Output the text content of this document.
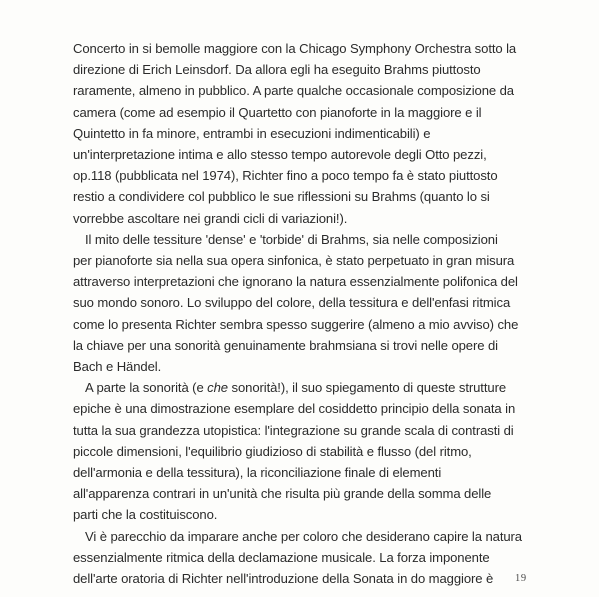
Concerto in si bemolle maggiore con la Chicago Symphony Orchestra sotto la

direzione di Erich Leinsdorf. Da allora egli ha eseguito Brahms piuttosto

raramente, almeno in pubblico. A parte qualche occasionale composizione da

camera (come ad esempio il Quartetto con pianoforte in la maggiore e il

Quintetto in fa minore, entrambi in esecuzioni indimenticabili) e

un'interpretazione intima e allo stesso tempo autorevole degli Otto pezzi,

op.118 (pubblicata nel 1974), Richter fino a poco tempo fa è stato piuttosto

restio a condividere col pubblico le sue riflessioni su Brahms (quanto lo si

vorrebbe ascoltare nei grandi cicli di variazioni!).

Il mito delle tessiture 'dense' e 'torbide' di Brahms, sia nelle composizioni

per pianoforte sia nella sua opera sinfonica, è stato perpetuato in gran misura

attraverso interpretazioni che ignorano la natura essenzialmente polifonica del

suo mondo sonoro. Lo sviluppo del colore, della tessitura e dell'enfasi ritmica

come lo presenta Richter sembra spesso suggerire (almeno a mio avviso) che

la chiave per una sonorità genuinamente brahmsiana si trovi nelle opere di

Bach e Händel.

A parte la sonorità (e che sonorità!), il suo spiegamento di queste strutture

epiche è una dimostrazione esemplare del cosiddetto principio della sonata in

tutta la sua grandezza utopistica: l'integrazione su grande scala di contrasti di

piccole dimensioni, l'equilibrio giudizioso di stabilità e flusso (del ritmo,

dell'armonia e della tessitura), la riconciliazione finale di elementi

all'apparenza contrari in un'unità che risulta più grande della somma delle

parti che la costituiscono.

Vi è parecchio da imparare anche per coloro che desiderano capire la natura

essenzialmente ritmica della declamazione musicale. La forza imponente

dell'arte oratoria di Richter nell'introduzione della Sonata in do maggiore è	19
